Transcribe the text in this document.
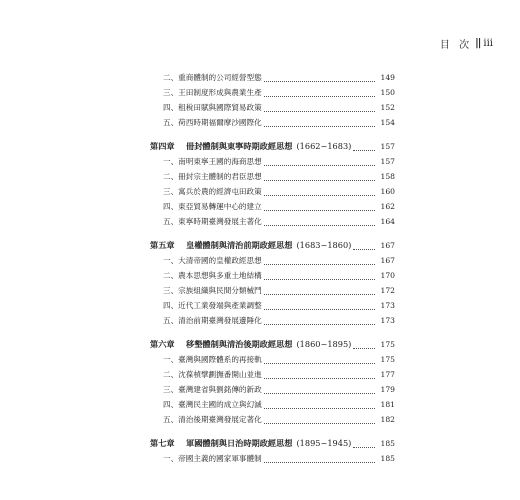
目 次 || iii
二、重商體制的公司經營型態	149
三、王田制度形成與農業生產	150
四、租稅田賦與國際貿易政策	152
五、荷西時期福爾摩沙國際化	154
第四章	冊封體制與東寧時期政經思想 (1662~1683)	157
一、南明東寧王國的海商思想	157
二、冊封宗主體制的君臣思想	158
三、寓兵於農的經濟屯田政策	160
四、東亞貿易轉運中心的建立	162
五、東寧時期臺灣發展主著化	164
第五章	皇權體制與清治前期政經思想 (1683~1860)	167
一、大清帝國的皇權政經思想	167
二、農本思想與多重土地結構	170
三、宗族組織與民間分類械鬥	172
四、近代工業發端與產業調整	173
五、清治前期臺灣發展邊陲化	173
第六章	移墾體制與清治後期政經思想 (1860~1895)	175
一、臺灣與國際體系的再接軌	175
二、沈葆楨擘劃撫番開山並進	177
三、臺灣建省與劉銘傳的新政	179
四、臺灣民主國的成立與幻滅	181
五、清治後期臺灣發展定著化	182
第七章	軍國體制與日治時期政經思想 (1895~1945)	185
一、帝國主義的國家軍事體制	185
